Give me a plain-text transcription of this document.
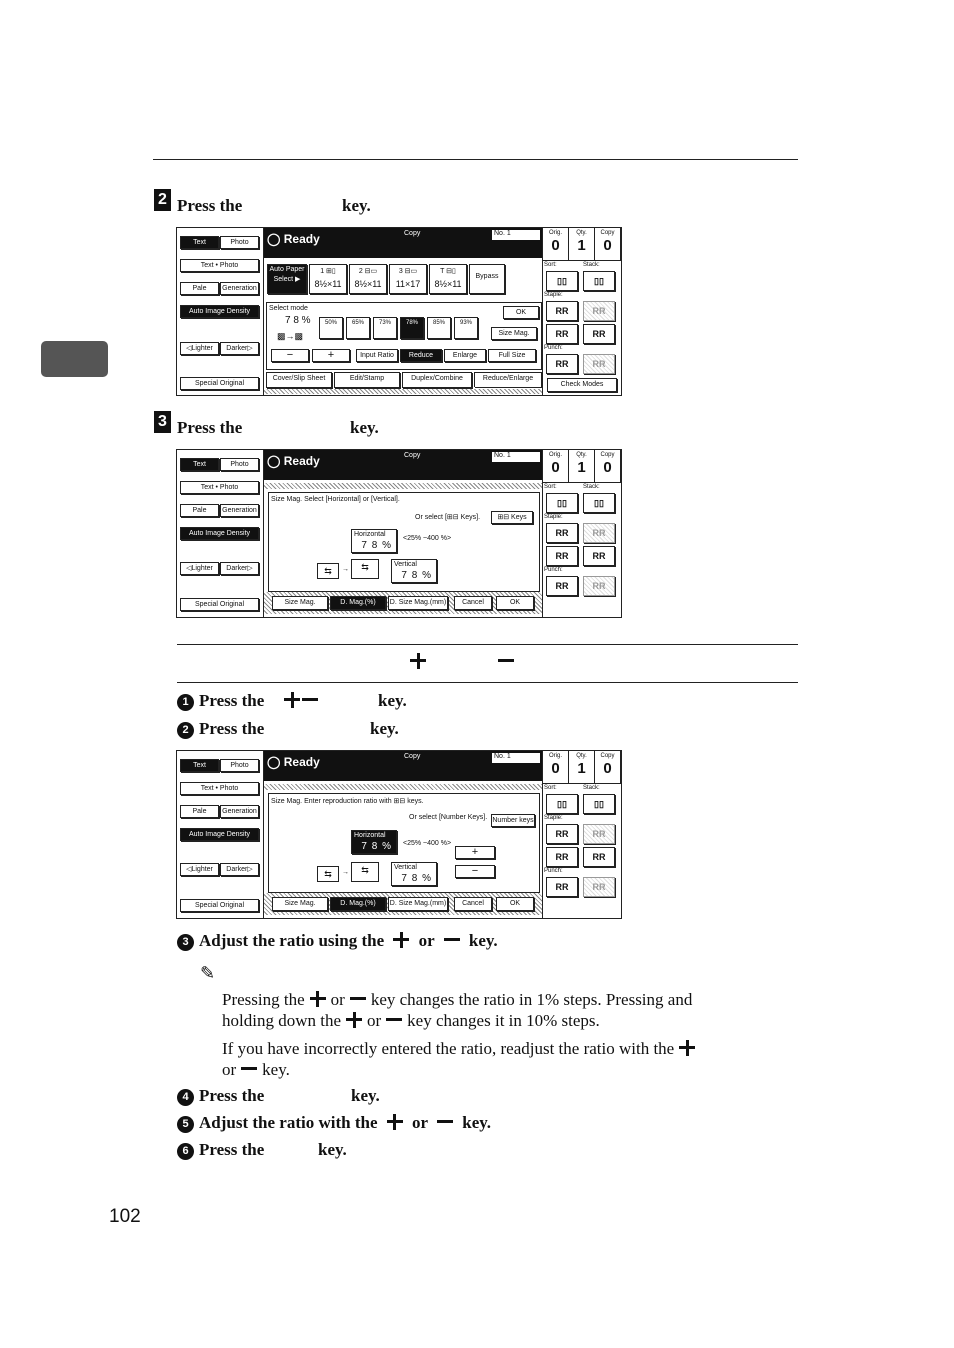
2 Press the	key.
Text	Photo
Text • Photo
Pale	Generation
Auto Image Density
◁Lighter	Darker▷
Special Original
◯ Ready	Copy	No. 1
Auto Paper Select ▶
1 ⊞▯
8½×11
2 ⊟▭
8½×11
3 ⊟▭
11×17
T ⊟▯
8½×11
Bypass
Select mode
7 8 %
▩→▩
50%	65%	73%	78%	85%	93%
OK
Size Mag.
−	+	Input Ratio	Reduce	Enlarge	Full Size
Cover/Slip Sheet	Edit/Stamp	Duplex/Combine	Reduce/Enlarge
Orig.
0
Qty.
1
Copy
0
Sort:	Stack:
▯▯	▯▯
Staple:
RR	RR
RR	RR
Punch:
RR	RR
Check Modes
3 Press the	key.
Text	Photo
Text • Photo
Pale	Generation
Auto Image Density
◁Lighter	Darker▷
Special Original
◯ Ready	Copy	No. 1
Size Mag. Select [Horizontal] or [Vertical].
Or select [⊞⊟ Keys].	⊞⊟ Keys
Horizontal
7 8 %
<25% ~400 %>
⇆	→	⇆	Vertical
7 8 %
Size Mag.	D. Mag.(%)	D. Size Mag.(mm)	Cancel	OK
Orig.
0
Qty.
1
Copy
0
Sort:	Stack:
▯▯	▯▯
Staple:
RR	RR
RR	RR
Punch:
RR	RR

1 Press the	key.
2 Press the	key.
Text	Photo
Text • Photo
Pale	Generation
Auto Image Density
◁Lighter	Darker▷
Special Original
◯ Ready	Copy	No. 1
Size Mag. Enter reproduction ratio with ⊞⊟ keys.
Or select [Number Keys]. Number keys
Horizontal
7 8 % <25% ~400 %>
+
−
⇆	→	⇆	Vertical
7 8 %
Size Mag.	D. Mag.(%)	D. Size Mag.(mm)	Cancel	OK
Orig.
0
Qty.
1
Copy
0
Sort:	Stack:
▯▯	▯▯
Staple:
RR	RR
RR	RR
Punch:
RR	RR
3 Adjust the ratio using the or key.
✎
Pressing the or key changes the ratio in 1% steps. Pressing and
holding down the or key changes it in 10% steps.
If you have incorrectly entered the ratio, readjust the ratio with the
or key.
4 Press the	key.
5 Adjust the ratio with the or key.
6 Press the	key.
102
